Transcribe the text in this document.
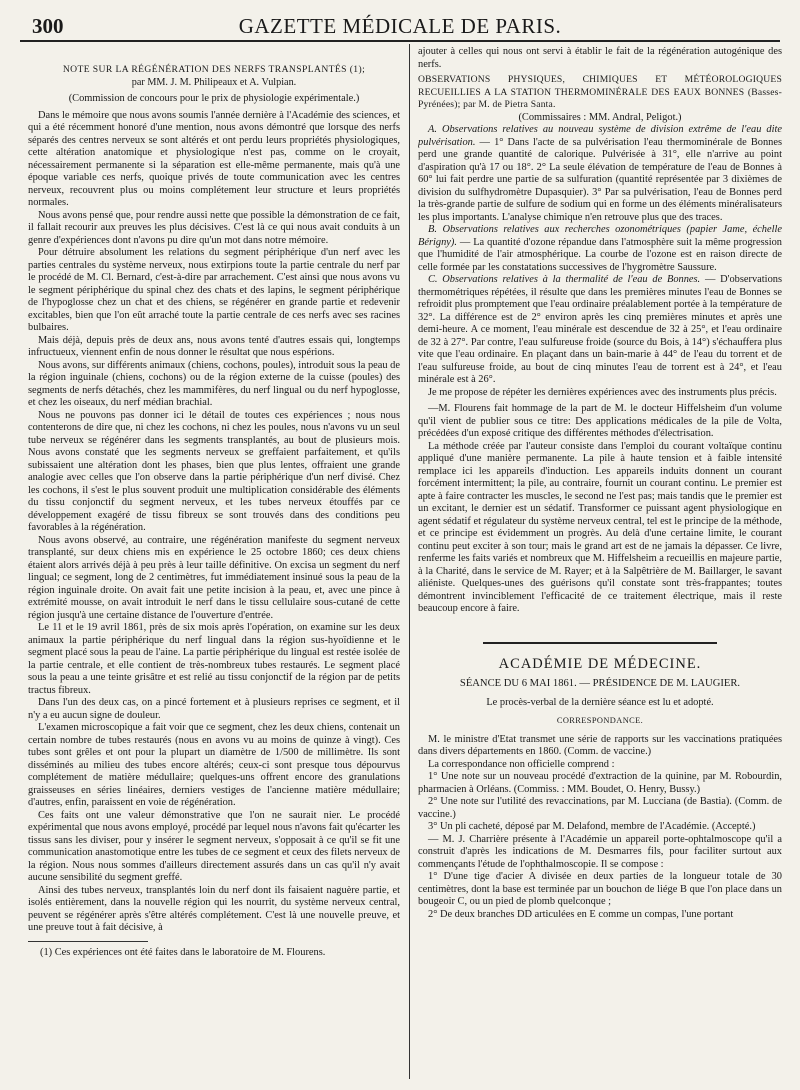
300	GAZETTE MÉDICALE DE PARIS.

NOTE SUR LA RÉGÉNÉRATION DES NERFS TRANSPLANTÉS (1);

par MM. J. M. Philipeaux et A. Vulpian.

(Commission de concours pour le prix de physiologie expérimentale.)

Dans le mémoire que nous avons soumis l'année dernière à l'Académie des sciences, et qui a été récemment honoré d'une mention, nous avons démontré que lorsque des nerfs séparés des centres nerveux se sont altérés et ont perdu leurs propriétés physiologiques, cette altération anatomique et physiologique n'est pas, comme on le croyait, nécessairement permanente si la séparation est elle-même permanente, mais qu'à une époque variable ces nerfs, quoique privés de toute communication avec les centres nerveux, recouvrent plus ou moins complétement leur structure et leurs propriétés normales.

Nous avons pensé que, pour rendre aussi nette que possible la démonstration de ce fait, il fallait recourir aux preuves les plus décisives. C'est là ce qui nous avait conduits à un genre d'expériences dont n'avons pu dire qu'un mot dans notre mémoire.

Pour détruire absolument les relations du segment périphérique d'un nerf avec les parties centrales du système nerveux, nous extirpions toute la partie centrale du nerf par le procédé de M. Cl. Bernard, c'est-à-dire par arrachement. C'est ainsi que nous avons vu le segment périphérique du spinal chez des chats et des lapins, le segment périphérique de l'hypoglosse chez un chat et des chiens, se régénérer en grande partie et redevenir excitables, bien que l'on eût arraché toute la partie centrale de ces nerfs avec ses racines bulbaires.

Mais déjà, depuis près de deux ans, nous avons tenté d'autres essais qui, longtemps infructueux, viennent enfin de nous donner le résultat que nous espérions.

Nous avons, sur différents animaux (chiens, cochons, poules), introduit sous la peau de la région inguinale (chiens, cochons) ou de la région externe de la cuisse (poules) des segments de nerfs détachés, chez les mammifères, du nerf lingual ou du nerf hypoglosse, et chez les oiseaux, du nerf médian brachial.

Nous ne pouvons pas donner ici le détail de toutes ces expériences ; nous nous contenterons de dire que, ni chez les cochons, ni chez les poules, nous n'avons vu un seul tube nerveux se régénérer dans les segments transplantés, au bout de plusieurs mois. Nous avons constaté que les segments nerveux se greffaient parfaitement, et qu'ils subissaient une altération dont les phases, bien que plus lentes, offraient une grande analogie avec celles que l'on observe dans la partie périphérique d'un nerf divisé. Chez les cochons, il s'est le plus souvent produit une multiplication considérable des éléments du tissu conjonctif du segment nerveux, et les tubes nerveux étouffés par ce développement exagéré de tissu fibreux se sont trouvés dans des conditions peu favorables à la régénération.

Nous avons observé, au contraire, une régénération manifeste du segment nerveux transplanté, sur deux chiens mis en expérience le 25 octobre 1860; ces deux chiens étaient alors arrivés déjà à peu près à leur taille définitive. On excisa un segment du nerf lingual; ce segment, long de 2 centimètres, fut immédiatement insinué sous la peau de la région inguinale droite. On avait fait une petite incision à la peau, et, avec une pince à extrémité mousse, on avait introduit le nerf dans le tissu cellulaire sous-cutané de cette région jusqu'à une certaine distance de l'ouverture d'entrée.

Le 11 et le 19 avril 1861, près de six mois après l'opération, on examine sur les deux animaux la partie périphérique du nerf lingual dans la région sus-hyoïdienne et le segment placé sous la peau de l'aine. La partie périphérique du lingual est restée isolée de la partie centrale, et elle contient de très-nombreux tubes restaurés. Le segment placé sous la peau a une teinte grisâtre et est relié au tissu conjonctif de la région par de petits tractus fibreux.

Dans l'un des deux cas, on a pincé fortement et à plusieurs reprises ce segment, et il n'y a eu aucun signe de douleur.

L'examen microscopique a fait voir que ce segment, chez les deux chiens, contenait un certain nombre de tubes restaurés (nous en avons vu au moins de quinze à vingt). Ces tubes sont grêles et ont pour la plupart un diamètre de 1/500 de millimètre. Ils sont disséminés au milieu des tubes encore altérés; ceux-ci sont presque tous dépourvus complétement de matière médullaire; quelques-uns offrent encore des granulations graisseuses en séries linéaires, derniers vestiges de l'ancienne matière médullaire; d'autres, enfin, paraissent en voie de régénération.

Ces faits ont une valeur démonstrative que l'on ne saurait nier. Le procédé expérimental que nous avons employé, procédé par lequel nous n'avons fait qu'écarter les tissus sans les diviser, pour y insérer le segment nerveux, s'opposait à ce qu'il se fit une communication anastomotique entre les tubes de ce segment et ceux des filets nerveux de la région. Nous nous sommes d'ailleurs directement assurés dans un cas qu'il n'y avait aucune sensibilité du segment greffé.

Ainsi des tubes nerveux, transplantés loin du nerf dont ils faisaient naguère partie, et isolés entièrement, dans la nouvelle région qui les nourrit, du système nerveux central, peuvent se régénérer après s'être altérés complétement. C'est là une nouvelle preuve, et une preuve tout à fait décisive, à

(1) Ces expériences ont été faites dans le laboratoire de M. Flourens.

ajouter à celles qui nous ont servi à établir le fait de la régénération autogénique des nerfs.

OBSERVATIONS PHYSIQUES, CHIMIQUES ET MÉTÉOROLOGIQUES RECUEILLIES A LA STATION THERMOMINÉRALE DES EAUX BONNES (Basses-Pyrénées); par M. de Pietra Santa.

(Commissaires : MM. Andral, Peligot.)

A. Observations relatives au nouveau système de division extrême de l'eau dite pulvérisation. — 1° Dans l'acte de sa pulvérisation l'eau thermominérale de Bonnes perd une grande quantité de calorique. Pulvérisée à 31°, elle n'arrive au point d'aspiration qu'à 17 ou 18°. 2° La seule élévation de température de l'eau de Bonnes à 60° lui fait perdre une partie de sa sulfuration (quantité représentée par 3 dixièmes de division du sulfhydromètre Dupasquier). 3° Par sa pulvérisation, l'eau de Bonnes perd la très-grande partie de sulfure de sodium qui en forme un des éléments minéralisateurs les plus importants. L'analyse chimique n'en retrouve plus que des traces.

B. Observations relatives aux recherches ozonométriques (papier Jame, échelle Bérigny). — La quantité d'ozone répandue dans l'atmosphère suit la même progression que l'humidité de l'air atmosphérique. La courbe de l'ozone est en raison directe de celle formée par les constatations successives de l'hygromètre Saussure.

C. Observations relatives à la thermalité de l'eau de Bonnes. — D'observations thermométriques répétées, il résulte que dans les premières minutes l'eau de Bonnes se refroidit plus promptement que l'eau ordinaire préalablement portée à la température de 32°. La différence est de 2° environ après les cinq premières minutes et après une demi-heure. A ce moment, l'eau minérale est descendue de 32 à 25°, et l'eau ordinaire de 32 à 27°. Par contre, l'eau sulfureuse froide (source du Bois, à 14°) s'échauffera plus vite que l'eau ordinaire. En plaçant dans un bain-marie à 44° de l'eau du torrent et de l'eau sulfureuse froide, au bout de cinq minutes l'eau de torrent est à 24°, et l'eau minérale est à 26°.

Je me propose de répéter les dernières expériences avec des instruments plus précis.

—M. Flourens fait hommage de la part de M. le docteur Hiffelsheim d'un volume qu'il vient de publier sous ce titre: Des applications médicales de la pile de Volta, précédées d'un exposé critique des différentes méthodes d'électrisation.

La méthode créée par l'auteur consiste dans l'emploi du courant voltaïque continu appliqué d'une manière permanente. La pile à haute tension et à faible intensité remplace ici les appareils d'induction. Les appareils induits donnent un courant forcément intermittent; la pile, au contraire, fournit un courant continu. Le premier est apte à faire contracter les muscles, le second ne l'est pas; mais tandis que le premier est un excitant, le dernier est un sédatif. Transformer ce puissant agent physiologique en agent sédatif et régulateur du système nerveux central, tel est le principe de la méthode, et ce principe est évidemment un progrès. Au delà d'une certaine limite, le courant continu peut exciter à son tour; mais le grand art est de ne jamais la dépasser. Ce livre, renferme les faits variés et nombreux que M. Hiffelsheim a recueillis en majeure partie, à la Charité, dans le service de M. Rayer; et à la Salpêtrière de M. Baillarger, le savant aliéniste. Quelques-unes des guérisons qu'il constate sont très-frappantes; toutes démontrent invinciblement l'efficacité de ce traitement électrique, mais il reste beaucoup encore à faire.

ACADÉMIE DE MÉDECINE.

SÉANCE DU 6 MAI 1861. — PRÉSIDENCE DE M. LAUGIER.

Le procès-verbal de la dernière séance est lu et adopté.

CORRESPONDANCE.

M. le ministre d'Etat transmet une série de rapports sur les vaccinations pratiquées dans divers départements en 1860. (Comm. de vaccine.)

La correspondance non officielle comprend :

1° Une note sur un nouveau procédé d'extraction de la quinine, par M. Robourdin, pharmacien à Orléans. (Commiss. : MM. Boudet, O. Henry, Bussy.)

2° Une note sur l'utilité des revaccinations, par M. Lucciana (de Bastia). (Comm. de vaccine.)

3° Un pli cacheté, déposé par M. Delafond, membre de l'Académie. (Accepté.)

— M. J. Charrière présente à l'Académie un appareil porte-ophtalmoscope qu'il a construit d'après les indications de M. Desmarres fils, pour faciliter surtout aux commençants l'étude de l'ophthalmoscopie. Il se compose :

1° D'une tige d'acier A divisée en deux parties de la longueur totale de 30 centimètres, dont la base est terminée par un bouchon de liége B que l'on place dans un bougeoir C, ou un pied de plomb quelconque ;

2° De deux branches DD articulées en E comme un compas, l'une portant
